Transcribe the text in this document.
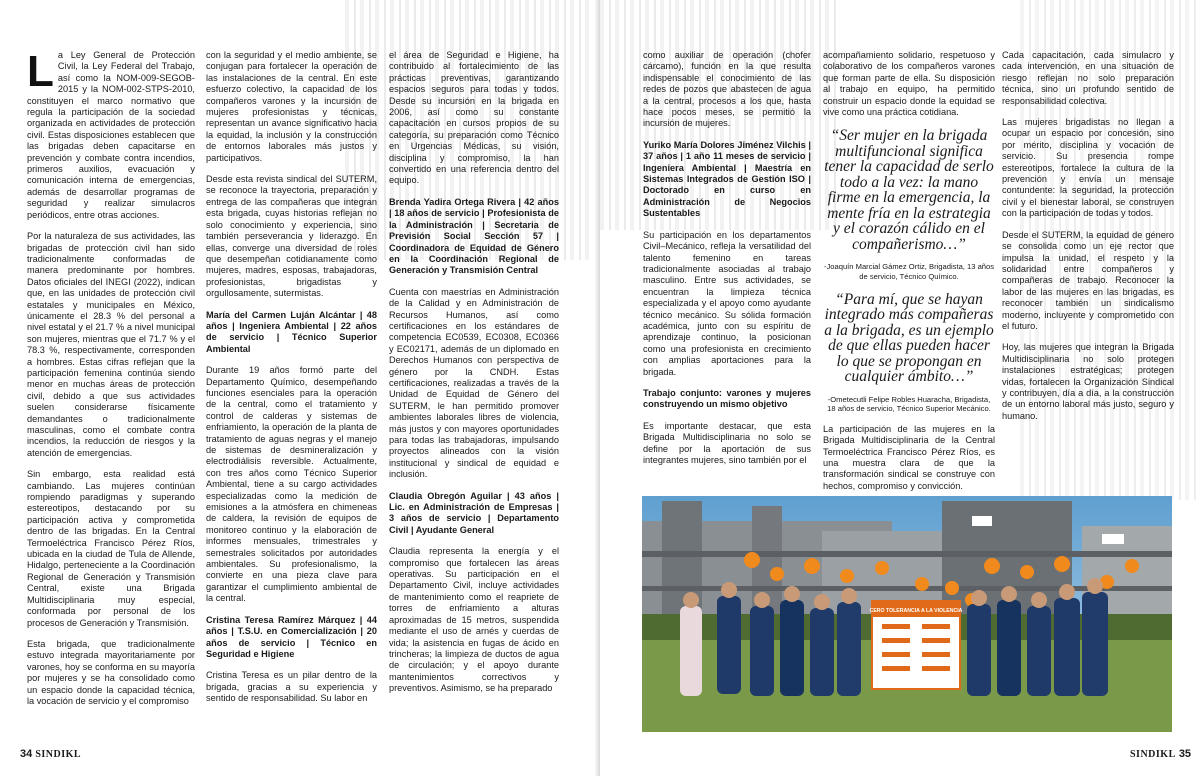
La Ley General de Protección Civil, la Ley Federal del Trabajo, así como la NOM-009-SEGOB-2015 y la NOM-002-STPS-2010, constituyen el marco normativo que regula la participación de la sociedad organizada en actividades de protección civil. Estas disposiciones establecen que las brigadas deben capacitarse en prevención y combate contra incendios, primeros auxilios, evacuación y comunicación interna de emergencias, además de desarrollar programas de seguridad y realizar simulacros periódicos, entre otras acciones.

Por la naturaleza de sus actividades, las brigadas de protección civil han sido tradicionalmente conformadas de manera predominante por hombres. Datos oficiales del INEGI (2022), indican que, en las unidades de protección civil estatales y municipales en México, únicamente el 28.3 % del personal a nivel estatal y el 21.7 % a nivel municipal son mujeres, mientras que el 71.7 % y el 78.3 %, respectivamente, corresponden a hombres. Estas cifras reflejan que la participación femenina continúa siendo menor en muchas áreas de protección civil, debido a que sus actividades suelen considerarse físicamente demandantes o tradicionalmente masculinas, como el combate contra incendios, la reducción de riesgos y la atención de emergencias.

Sin embargo, esta realidad está cambiando. Las mujeres continúan rompiendo paradigmas y superando estereotipos, destacando por su participación activa y comprometida dentro de las brigadas. En la Central Termoeléctrica Francisco Pérez Ríos, ubicada en la ciudad de Tula de Allende, Hidalgo, perteneciente a la Coordinación Regional de Generación y Transmisión Central, existe una Brigada Multidisciplinaria muy especial, conformada por personal de los procesos de Generación y Transmisión.

Esta brigada, que tradicionalmente estuvo integrada mayoritariamente por varones, hoy se conforma en su mayoría por mujeres y se ha consolidado como un espacio donde la capacidad técnica, la vocación de servicio y el compromiso

con la seguridad y el medio ambiente, se conjugan para fortalecer la operación de las instalaciones de la central. En este esfuerzo colectivo, la capacidad de los compañeros varones y la incursión de mujeres profesionistas y técnicas, representan un avance significativo hacia la equidad, la inclusión y la construcción de entornos laborales más justos y participativos.

Desde esta revista sindical del SUTERM, se reconoce la trayectoria, preparación y entrega de las compañeras que integran esta brigada, cuyas historias reflejan no solo conocimiento y experiencia, sino también perseverancia y liderazgo. En ellas, converge una diversidad de roles que desempeñan cotidianamente como mujeres, madres, esposas, trabajadoras, profesionistas, brigadistas y orgullosamente, sutermistas.

María del Carmen Luján Alcántar | 48 años | Ingeniera Ambiental | 22 años de servicio | Técnico Superior Ambiental

Durante 19 años formó parte del Departamento Químico, desempeñando funciones esenciales para la operación de la central, como el tratamiento y control de calderas y sistemas de enfriamiento, la operación de la planta de tratamiento de aguas negras y el manejo de sistemas de desmineralización y electrodiálisis reversible. Actualmente, con tres años como Técnico Superior Ambiental, tiene a su cargo actividades especializadas como la medición de emisiones a la atmósfera en chimeneas de caldera, la revisión de equipos de monitoreo continuo y la elaboración de informes mensuales, trimestrales y semestrales solicitados por autoridades ambientales. Su profesionalismo, la convierte en una pieza clave para garantizar el cumplimiento ambiental de la central.

Cristina Teresa Ramírez Márquez | 44 años | T.S.U. en Comercialización | 20 años de servicio | Técnico en Seguridad e Higiene

Cristina Teresa es un pilar dentro de la brigada, gracias a su experiencia y sentido de responsabilidad. Su labor en

el área de Seguridad e Higiene, ha contribuido al fortalecimiento de las prácticas preventivas, garantizando espacios seguros para todas y todos. Desde su incursión en la brigada en 2006, así como su constante capacitación en cursos propios de su categoría, su preparación como Técnico en Urgencias Médicas, su visión, disciplina y compromiso, la han convertido en una referencia dentro del equipo.

Brenda Yadira Ortega Rivera | 42 años | 18 años de servicio | Profesionista de la Administración | Secretaria de Previsión Social Sección 57 | Coordinadora de Equidad de Género en la Coordinación Regional de Generación y Transmisión Central

Cuenta con maestrías en Administración de la Calidad y en Administración de Recursos Humanos, así como certificaciones en los estándares de competencia EC0539, EC0308, EC0366 y EC02171, además de un diplomado en Derechos Humanos con perspectiva de género por la CNDH. Estas certificaciones, realizadas a través de la Unidad de Equidad de Género del SUTERM, le han permitido promover ambientes laborales libres de violencia, más justos y con mayores oportunidades para todas las trabajadoras, impulsando proyectos alineados con la visión institucional y sindical de equidad e inclusión.

Claudia Obregón Aguilar | 43 años | Lic. en Administración de Empresas | 3 años de servicio | Departamento Civil | Ayudante General

Claudia representa la energía y el compromiso que fortalecen las áreas operativas. Su participación en el Departamento Civil, incluye actividades de mantenimiento como el reapriete de torres de enfriamiento a alturas aproximadas de 15 metros, suspendida mediante el uso de arnés y cuerdas de vida; la asistencia en fugas de ácido en trincheras; la limpieza de ductos de agua de circulación; y el apoyo durante mantenimientos correctivos y preventivos. Asimismo, se ha preparado

34 SINDIKL

como auxiliar de operación (chofer cárcamo), función en la que resulta indispensable el conocimiento de las redes de pozos que abastecen de agua a la central, procesos a los que, hasta hace pocos meses, se permitió la incursión de mujeres.

Yuriko María Dolores Jiménez Vilchis | 37 años | 1 año 11 meses de servicio | Ingeniera Ambiental | Maestría en Sistemas Integrados de Gestión ISO | Doctorado en curso en Administración de Negocios Sustentables

Su participación en los departamentos Civil–Mecánico, refleja la versatilidad del talento femenino en tareas tradicionalmente asociadas al trabajo masculino. Entre sus actividades, se encuentran la limpieza técnica especializada y el apoyo como ayudante técnico mecánico. Su sólida formación académica, junto con su espíritu de aprendizaje continuo, la posicionan como una profesionista en crecimiento con amplias aportaciones para la brigada.

Trabajo conjunto: varones y mujeres construyendo un mismo objetivo

Es importante destacar, que esta Brigada Multidisciplinaria no solo se define por la aportación de sus integrantes mujeres, sino también por el

acompañamiento solidario, respetuoso y colaborativo de los compañeros varones que forman parte de ella. Su disposición al trabajo en equipo, ha permitido construir un espacio donde la equidad se vive como una práctica cotidiana.

“Ser mujer en la brigada multifuncional significa tener la capacidad de serlo todo a la vez: la mano firme en la emergencia, la mente fría en la estrategia y el corazón cálido en el compañerismo…”

-Joaquín Marcial Gámez Ortiz, Brigadista, 13 años de servicio, Técnico Químico.

“Para mí, que se hayan integrado más compañeras a la brigada, es un ejemplo de que ellas pueden hacer lo que se propongan en cualquier ámbito…”

-Ometecutli Felipe Robles Huaracha, Brigadista, 18 años de servicio, Técnico Superior Mecánico.

La participación de las mujeres en la Brigada Multidisciplinaria de la Central Termoeléctrica Francisco Pérez Ríos, es una muestra clara de que la transformación sindical se construye con hechos, compromiso y convicción.

Cada capacitación, cada simulacro y cada intervención, en una situación de riesgo reflejan no solo preparación técnica, sino un profundo sentido de responsabilidad colectiva.

Las mujeres brigadistas no llegan a ocupar un espacio por concesión, sino por mérito, disciplina y vocación de servicio. Su presencia rompe estereotipos, fortalece la cultura de la prevención y envía un mensaje contundente: la seguridad, la protección civil y el bienestar laboral, se construyen con la participación de todas y todos.

Desde el SUTERM, la equidad de género se consolida como un eje rector que impulsa la unidad, el respeto y la solidaridad entre compañeros y compañeras de trabajo. Reconocer la labor de las mujeres en las brigadas, es reconocer también un sindicalismo moderno, incluyente y comprometido con el futuro.

Hoy, las mujeres que integran la Brigada Multidisciplinaria no solo protegen instalaciones estratégicas; protegen vidas, fortalecen la Organización Sindical y contribuyen, día a día, a la construcción de un entorno laboral más justo, seguro y humano.

SINDIKL 35
CERO TOLERANCIA A LA VIOLENCIA
